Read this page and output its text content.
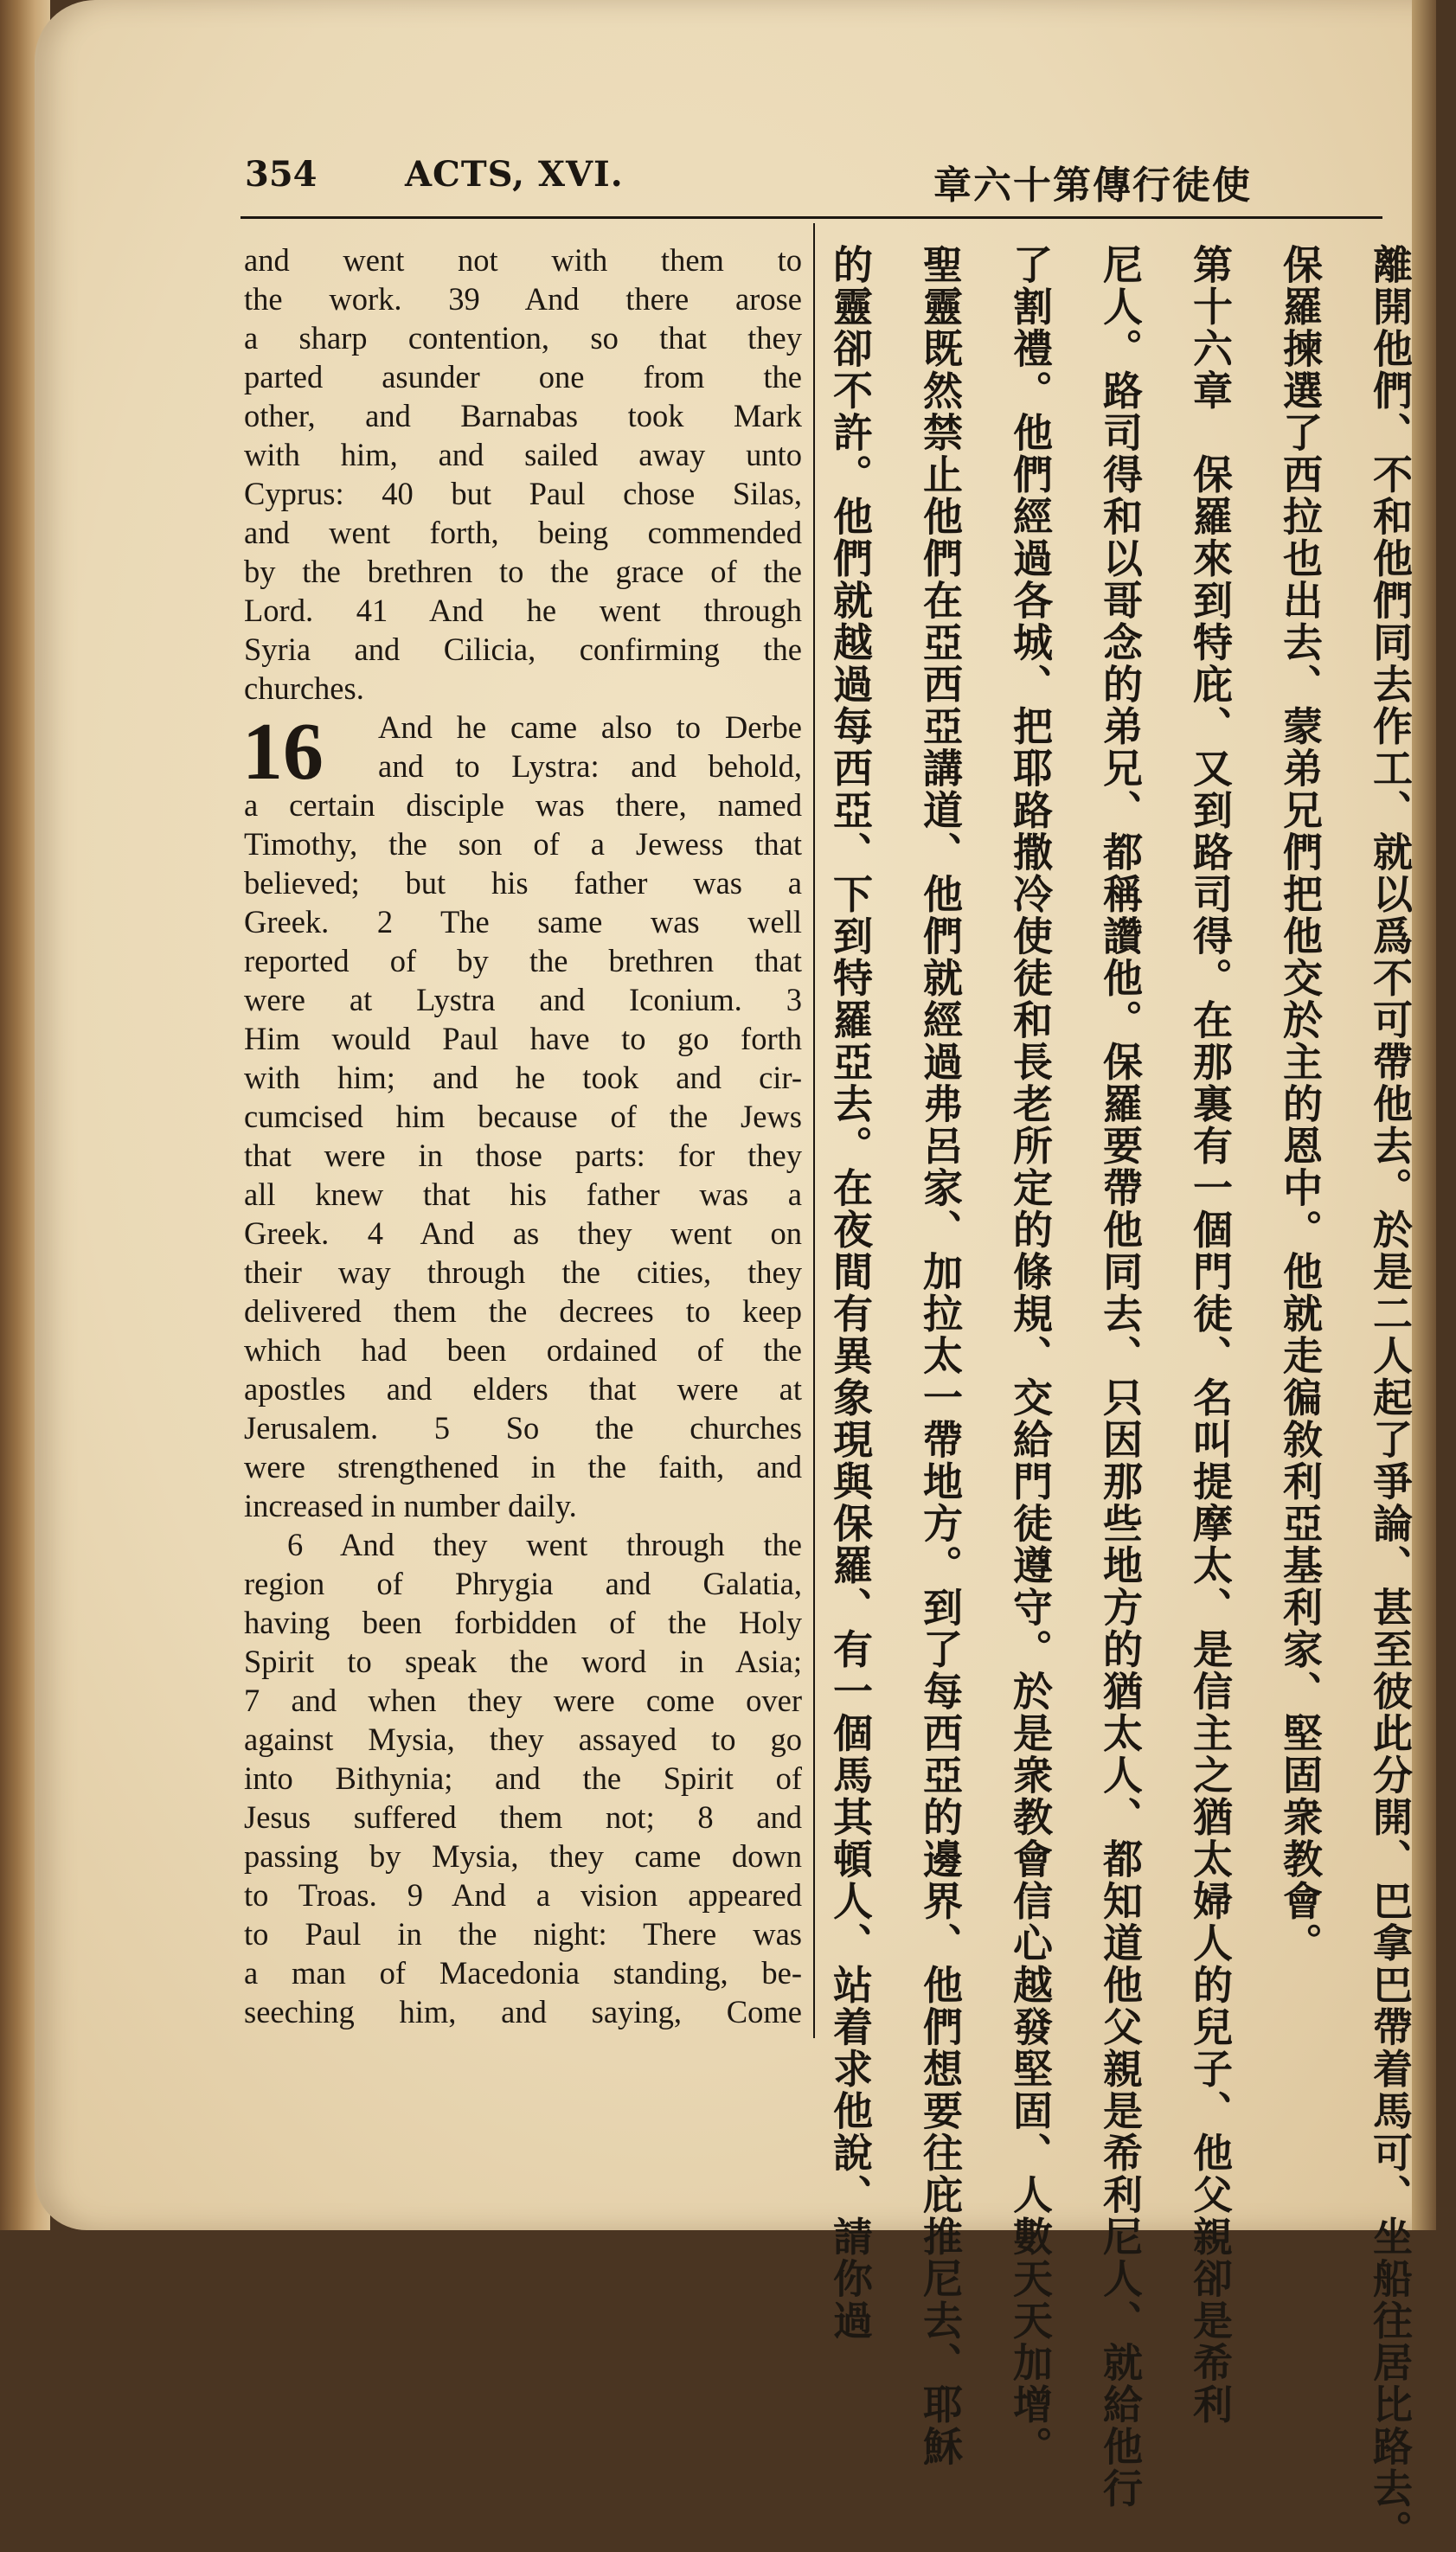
354	ACTS, XVI.	章六十第傳行徒使
and went not with them to
the work. 39 And there arose
a sharp contention, so that they
parted asunder one from the
other, and Barnabas took Mark
with him, and sailed away unto
Cyprus: 40 but Paul chose Silas,
and went forth, being commended
by the brethren to the grace of the
Lord. 41 And he went through
Syria and Cilicia, confirming the
churches.
16	And he came also to Derbe
and to Lystra: and behold,
a certain disciple was there, named
Timothy, the son of a Jewess that
believed; but his father was a
Greek. 2 The same was well
reported of by the brethren that
were at Lystra and Iconium. 3
Him would Paul have to go forth
with him; and he took and cir-
cumcised him because of the Jews
that were in those parts: for they
all knew that his father was a
Greek. 4 And as they went on
their way through the cities, they
delivered them the decrees to keep
which had been ordained of the
apostles and elders that were at
Jerusalem. 5 So the churches
were strengthened in the faith, and
increased in number daily.
6 And they went through the
region of Phrygia and Galatia,
having been forbidden of the Holy
Spirit to speak the word in Asia;
7 and when they were come over
against Mysia, they assayed to go
into Bithynia; and the Spirit of
Jesus suffered them not; 8 and
passing by Mysia, they came down
to Troas. 9 And a vision appeared
to Paul in the night: There was
a man of Macedonia standing, be-
seeching him, and saying, Come	離開他們、不和他們同去作工、就以爲不可帶他去。於是二人起了爭論、甚至彼此分開、巴拿巴帶着馬可、坐船往居比路去。
保羅揀選了西拉也出去、蒙弟兄們把他交於主的恩中。他就走徧敘利亞基利家、堅固衆教會。
第十六章　保羅來到特庇、又到路司得。在那裏有一個門徒、名叫提摩太、是信主之猶太婦人的兒子、他父親卻是希利
尼人。路司得和以哥念的弟兄、都稱讚他。保羅要帶他同去、只因那些地方的猶太人、都知道他父親是希利尼人、就給他行
了割禮。他們經過各城、把耶路撒冷使徒和長老所定的條規、交給門徒遵守。於是衆教會信心越發堅固、人數天天加增。
聖靈既然禁止他們在亞西亞講道、他們就經過弗呂家、加拉太一帶地方。到了每西亞的邊界、他們想要往庇推尼去、耶穌
的靈卻不許。他們就越過每西亞、下到特羅亞去。在夜間有異象現與保羅、有一個馬其頓人、站着求他說、請你過
